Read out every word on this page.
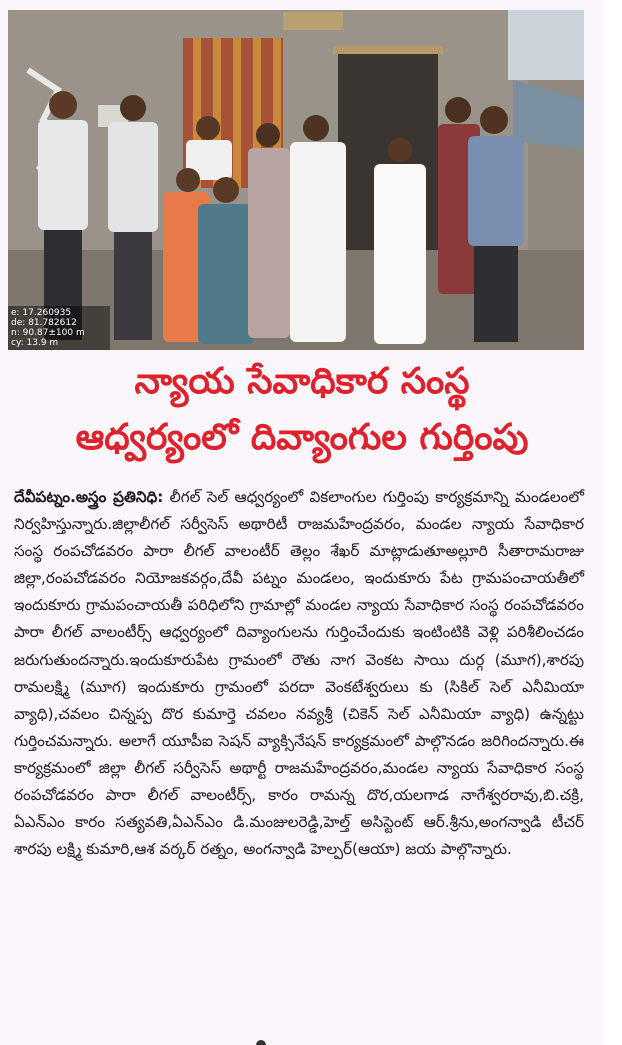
e: 17.260935
de: 81.782612
n: 90.87±100 m
cy: 13.9 m
న్యాయ సేవాధికార సంస్థ
ఆధ్వర్యంలో దివ్యాంగుల గుర్తింపు
దేవీపట్నం.అస్త్రం ప్రతినిధి: లీగల్ సెల్ ఆధ్వర్యంలో వికలాంగుల గుర్తింపు కార్యక్రమాన్ని మండలంలో నిర్వహిస్తున్నారు.జిల్లాలీగల్ సర్వీసెస్ అథారిటీ రాజమహేంద్రవరం, మండల న్యాయ సేవాధికార సంస్థ రంపచోడవరం పారా లీగల్ వాలంటీర్ తెల్లం శేఖర్ మాట్లాడుతూఅల్లూరి సీతారామరాజు జిల్లా,రంపచోడవరం నియోజకవర్గం,దేవీ పట్నం మండలం, ఇందుకూరు పేట గ్రామపంచాయతీలో ఇందుకూరు గ్రామపంచాయతీ పరిధిలోని గ్రామాల్లో మండల న్యాయ సేవాధికార సంస్థ రంపచోడవరం పారా లీగల్ వాలంటీర్స్ ఆధ్వర్యంలో దివ్యాంగులను గుర్తించేందుకు ఇంటింటికి వెళ్లి పరిశీలించడం జరుగుతుందన్నారు.ఇందుకూరుపేట గ్రామంలో రౌతు నాగ వెంకట సాయి దుర్గ (మూగ),శారపు రామలక్ష్మి (మూగ) ఇందుకూరు గ్రామంలో పరదా వెంకటేశ్వరులు కు (సికిల్ సెల్ ఎనీమియా వ్యాధి),చవలం చిన్నప్ప దొర కుమార్తె చవలం నవ్యశ్రీ (చికెన్ సెల్ ఎనీమియా వ్యాధి) ఉన్నట్టు గుర్తించమన్నారు. అలాగే యూపీఐ సెషన్ వ్యాక్సినేషన్ కార్యక్రమంలో పాల్గొనడం జరిగిందన్నారు.ఈ కార్యక్రమంలో జిల్లా లీగల్ సర్వీసెస్ అథార్టీ రాజమహేంద్రవరం,మండల న్యాయ సేవాధికార సంస్థ రంపచోడవరం పారా లీగల్ వాలంటీర్స్, కారం రామన్న దొర,యలగాడ నాగేశ్వరరావు,బి.చక్రి, ఏఎన్ఎం కారం సత్యవతి,ఏఎన్ఎం డి.మంజులరెడ్డి,హెల్త్ అసిస్టెంట్ ఆర్.శ్రీను,అంగన్వాడి టీచర్ శారపు లక్ష్మి కుమారి,ఆశ వర్కర్ రత్నం, అంగన్వాడి హెల్పర్(ఆయా) జయ పాల్గొన్నారు.
